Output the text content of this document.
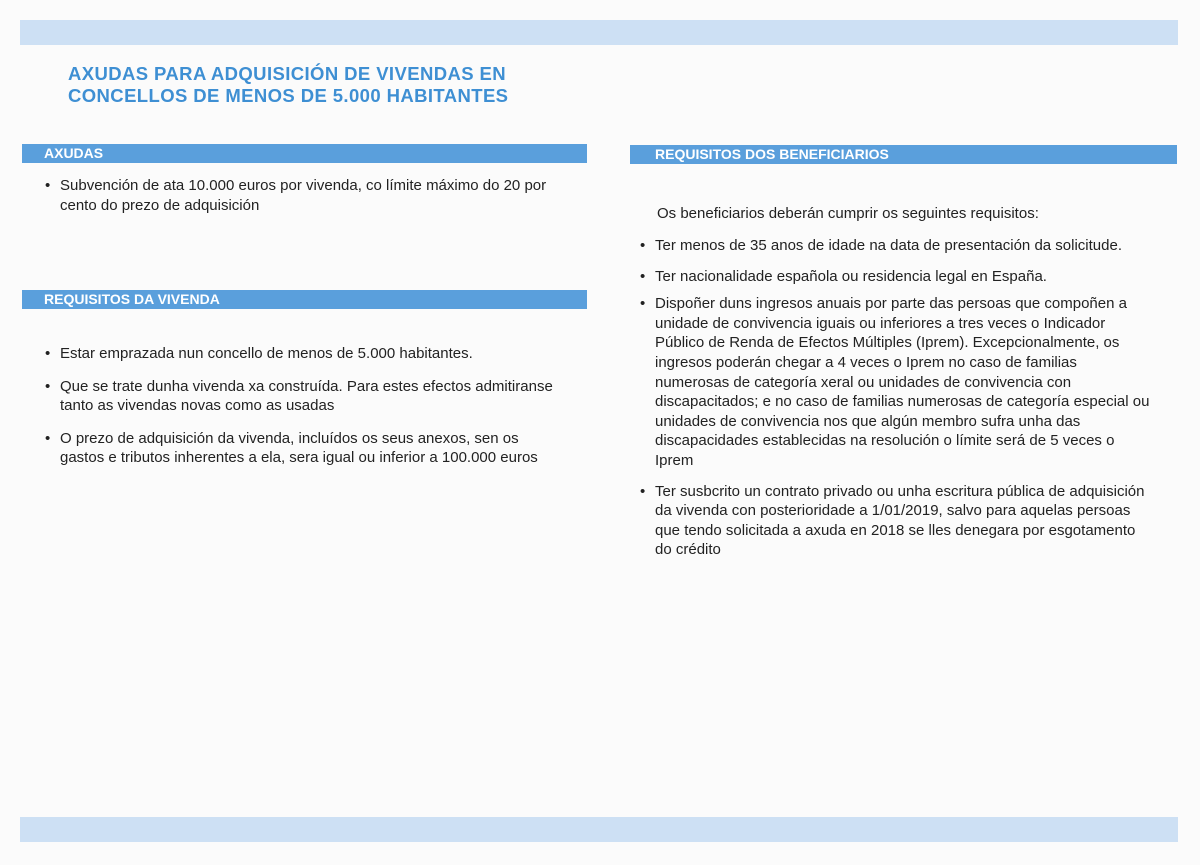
AXUDAS PARA ADQUISICIÓN DE VIVENDAS EN
CONCELLOS DE MENOS DE 5.000 HABITANTES
AXUDAS
• Subvención de ata 10.000 euros por vivenda, co límite máximo do 20 por cento do prezo de adquisición
REQUISITOS DA VIVENDA
• Estar emprazada nun concello de menos de 5.000 habitantes.
• Que se trate dunha vivenda xa construída. Para estes efectos admitiranse tanto as vivendas novas como as usadas
• O prezo de adquisición da vivenda, incluídos os seus anexos, sen os gastos e tributos inherentes a ela, sera igual ou inferior a 100.000 euros
REQUISITOS DOS BENEFICIARIOS
Os beneficiarios deberán cumprir os seguintes requisitos:
• Ter menos de 35 anos de idade na data de presentación da solicitude.
• Ter nacionalidade española ou residencia legal en España.
• Dispoñer duns ingresos anuais por parte das persoas que compoñen a unidade de convivencia iguais ou inferiores a tres veces o Indicador Público de Renda de Efectos Múltiples (Iprem). Excepcionalmente, os ingresos poderán chegar a 4 veces o Iprem no caso de familias numerosas de categoría xeral ou unidades de convivencia con discapacitados; e no caso de familias numerosas de categoría especial ou unidades de convivencia nos que algún membro sufra unha das discapacidades establecidas na resolución o límite será de 5 veces o Iprem
• Ter susbcrito un contrato privado ou unha escritura pública de adquisición da vivenda con posterioridade a 1/01/2019, salvo para aquelas persoas que tendo solicitada a axuda en 2018 se lles denegara por esgotamento do crédito
